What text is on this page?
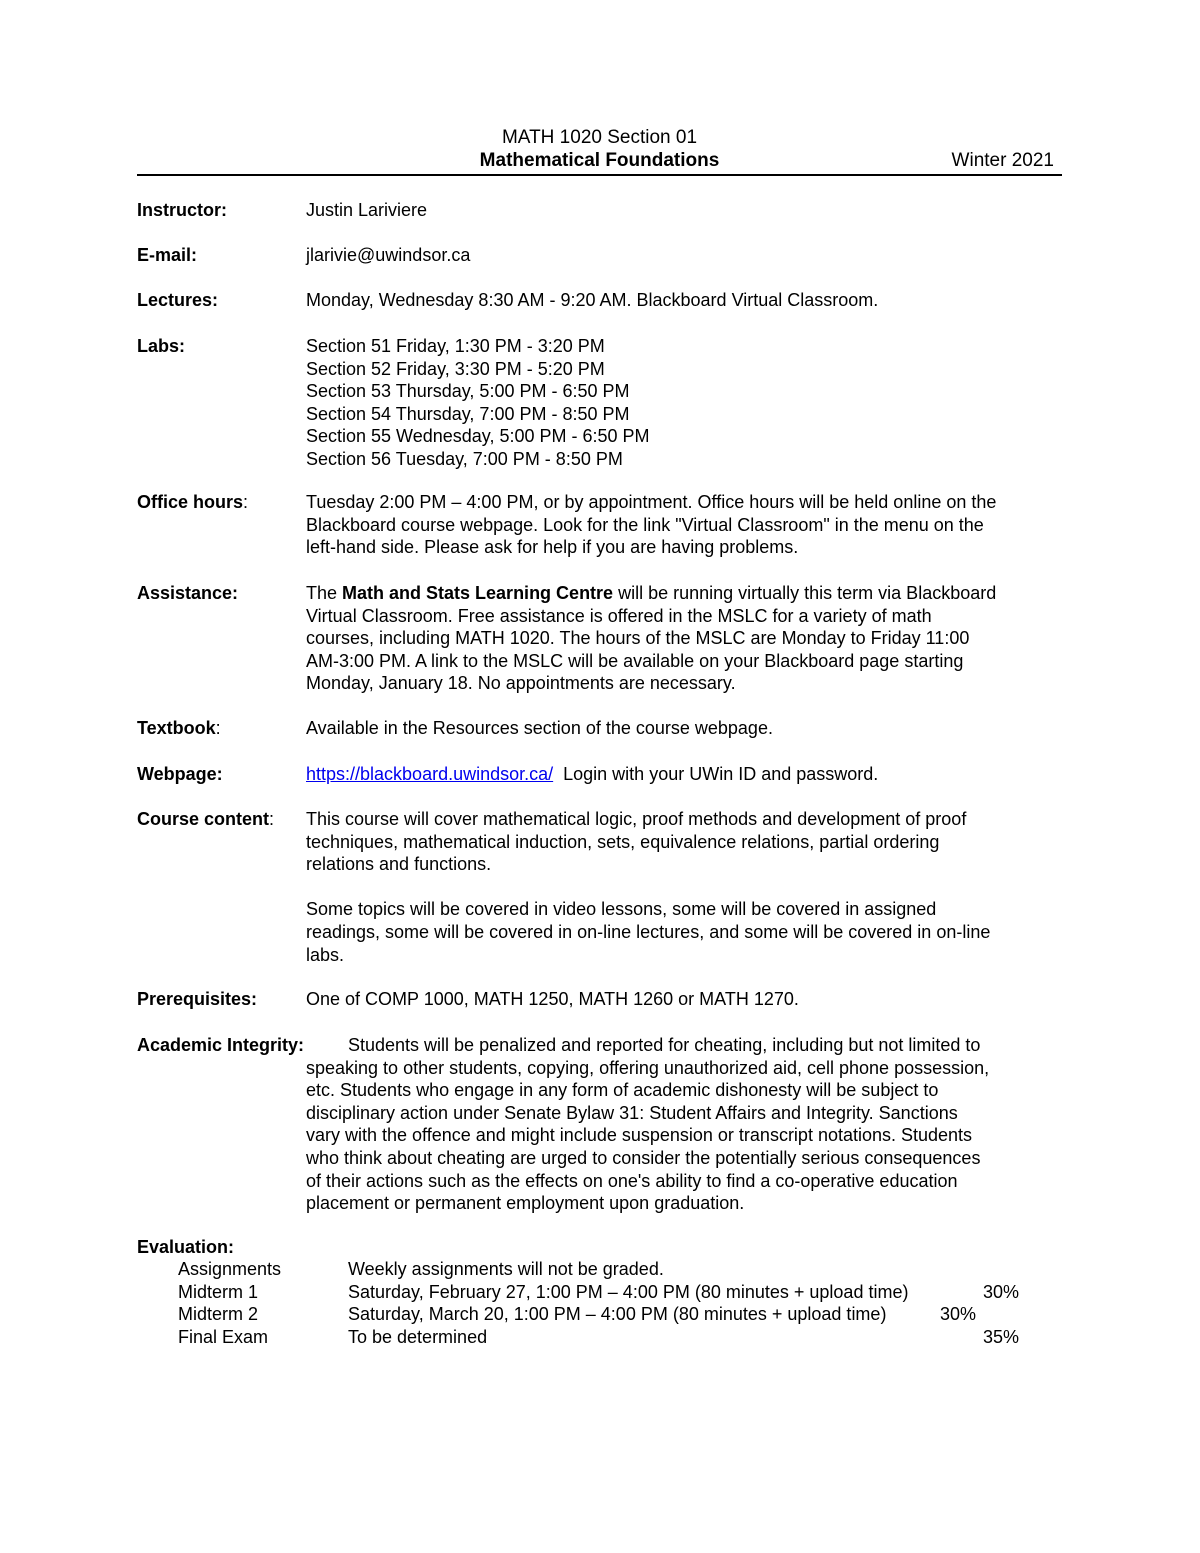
MATH 1020 Section 01
Mathematical Foundations	Winter 2021
Instructor:	Justin Lariviere
E-mail:	jlarivie@uwindsor.ca
Lectures:	Monday, Wednesday 8:30 AM - 9:20 AM. Blackboard Virtual Classroom.
Labs:	Section 51 Friday, 1:30 PM - 3:20 PM

Section 52 Friday, 3:30 PM - 5:20 PM

Section 53 Thursday, 5:00 PM - 6:50 PM

Section 54 Thursday, 7:00 PM - 8:50 PM

Section 55 Wednesday, 5:00 PM - 6:50 PM

Section 56 Tuesday, 7:00 PM - 8:50 PM

Office hours:	Tuesday 2:00 PM – 4:00 PM, or by appointment. Office hours will be held online on the

Blackboard course webpage. Look for the link "Virtual Classroom" in the menu on the

left-hand side. Please ask for help if you are having problems.

Assistance:	The Math and Stats Learning Centre will be running virtually this term via Blackboard

Virtual Classroom. Free assistance is offered in the MSLC for a variety of math

courses, including MATH 1020. The hours of the MSLC are Monday to Friday 11:00

AM-3:00 PM. A link to the MSLC will be available on your Blackboard page starting

Monday, January 18. No appointments are necessary.

Textbook:	Available in the Resources section of the course webpage.

Webpage:	https://blackboard.uwindsor.ca/  Login with your UWin ID and password.
Course content: This course will cover mathematical logic, proof methods and development of proof

techniques, mathematical induction, sets, equivalence relations, partial ordering

relations and functions.

Some topics will be covered in video lessons, some will be covered in assigned

readings, some will be covered in on-line lectures, and some will be covered in on-line

labs.

Prerequisites:	One of COMP 1000, MATH 1250, MATH 1260 or MATH 1270.
Academic Integrity: Students will be penalized and reported for cheating, including but not limited to

speaking to other students, copying, offering unauthorized aid, cell phone possession,

etc. Students who engage in any form of academic dishonesty will be subject to

disciplinary action under Senate Bylaw 31: Student Affairs and Integrity. Sanctions

vary with the offence and might include suspension or transcript notations. Students

who think about cheating are urged to consider the potentially serious consequences

of their actions such as the effects on one's ability to find a co-operative education

placement or permanent employment upon graduation.

Evaluation:
Assignments	Weekly assignments will not be graded.
Midterm 1	Saturday, February 27, 1:00 PM – 4:00 PM (80 minutes + upload time)	30%
Midterm 2	Saturday, March 20, 1:00 PM – 4:00 PM (80 minutes + upload time)	30%
Final Exam	To be determined	35%
